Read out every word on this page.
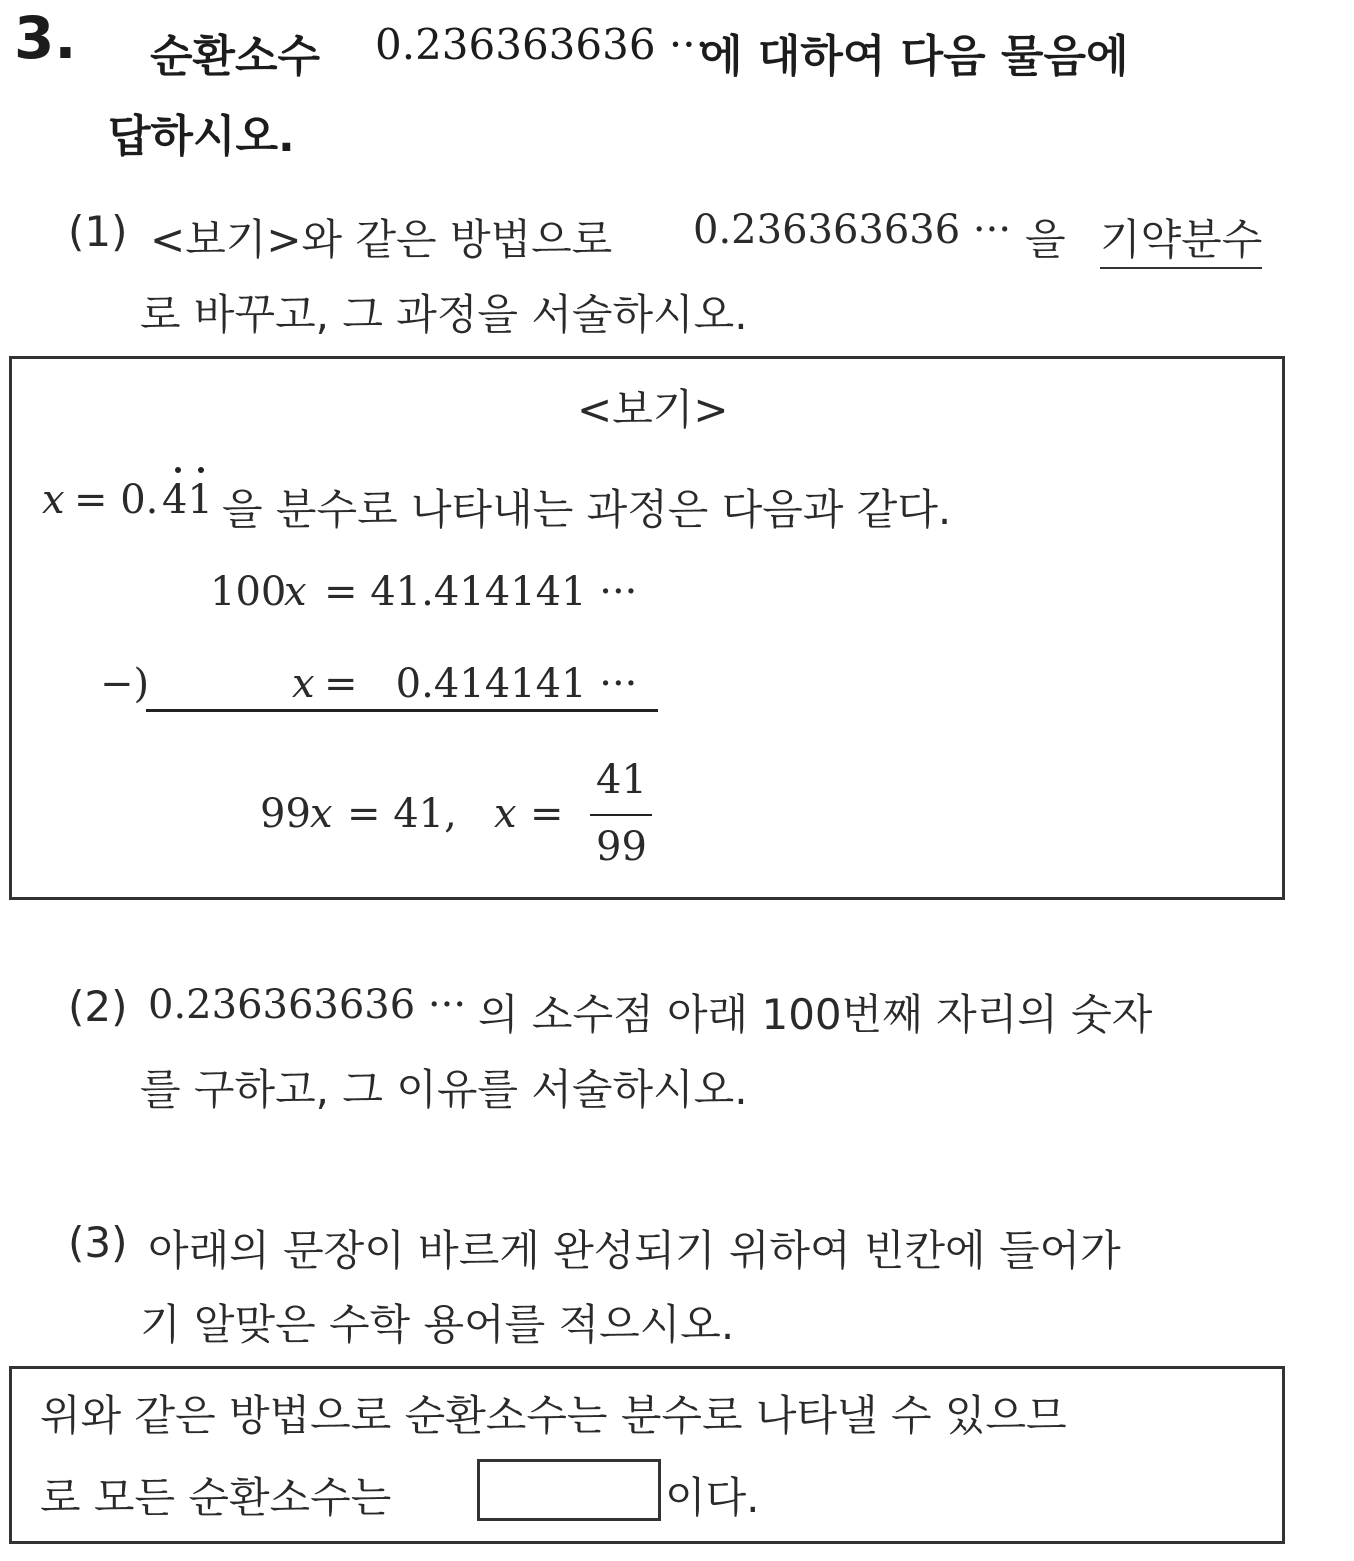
3. 순환소수 0.236363636 ···
에 대하여 다음 물음에
답하시오.
(1) <보기>와 같은 방법으로 0.236363636 ··· 을 기약분수
로 바꾸고, 그 과정을 서술하시오.
<보기>
x = 0. 41 을 분수로 나타내는 과정은 다음과 같다.
100
x = 41.414141 ···
−)	x =   0.414141 ···
99 x = 41, x =
41
99
(2) 0.236363636 ··· 의 소수점 아래 100번째 자리의 숫자
를 구하고, 그 이유를 서술하시오.
(3) 아래의 문장이 바르게 완성되기 위하여 빈칸에 들어가
기 알맞은 수학 용어를 적으시오.
위와 같은 방법으로 순환소수는 분수로 나타낼 수 있으므
로 모든 순환소수는	이다.
